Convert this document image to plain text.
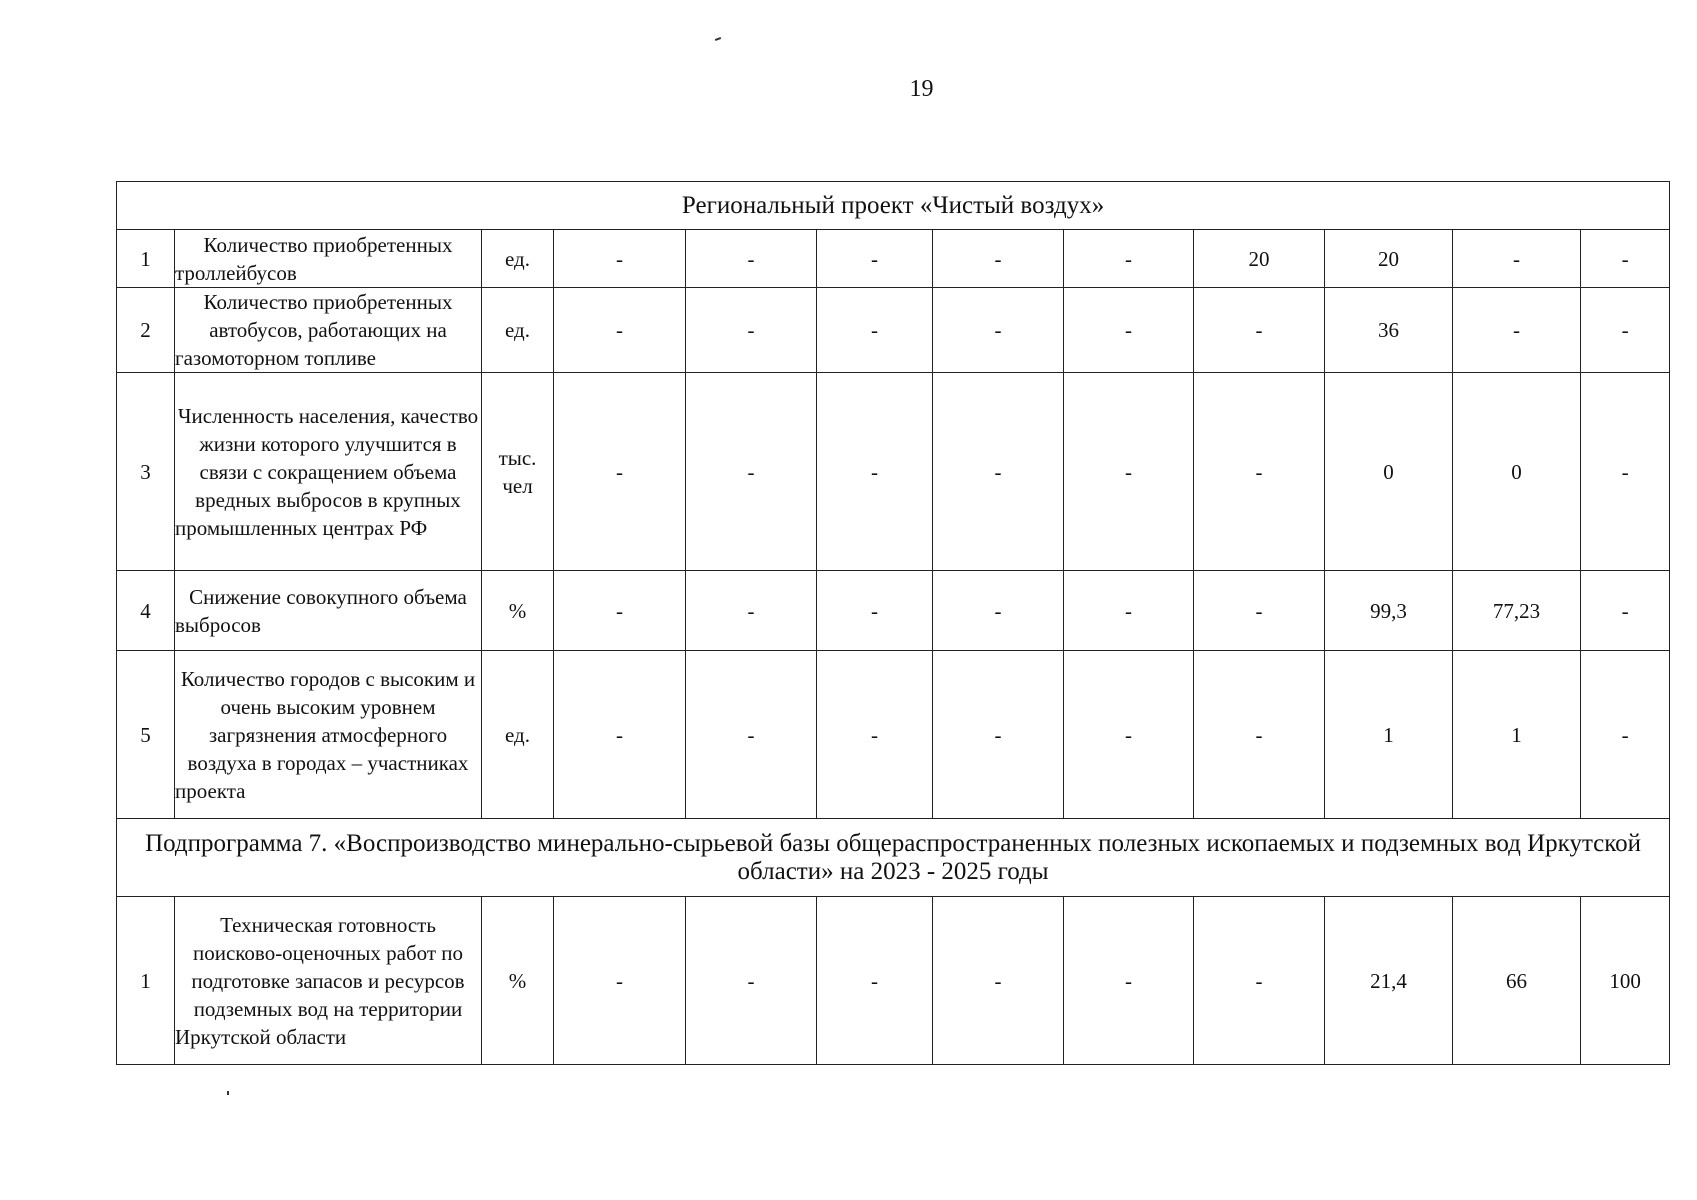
19
Региональный проект «Чистый воздух»											
1	Количество приобретенных троллейбусов	ед.	-	-	-	-	-	20	20	-	-
2	Количество приобретенных автобусов, работающих на газомоторном топливе	ед.	-	-	-	-	-	-	36	-	-
3	Численность населения, качество жизни которого улучшится в связи с сокращением объема вредных выбросов в крупных промышленных центрах РФ	тыс. чел	-	-	-	-	-	-	0	0	-
4	Снижение совокупного объема выбросов	%	-	-	-	-	-	-	99,3	77,23	-
5	Количество городов с высоким и очень высоким уровнем загрязнения атмосферного воздуха в городах – участниках проекта	ед.	-	-	-	-	-	-	1	1	-
Подпрограмма 7. «Воспроизводство минерально-сырьевой базы общераспространенных полезных ископаемых и подземных вод Иркутской области» на 2023 - 2025 годы											
1	Техническая готовность поисково-оценочных работ по подготовке запасов и ресурсов подземных вод на территории Иркутской области	%	-	-	-	-	-	-	21,4	66	100
